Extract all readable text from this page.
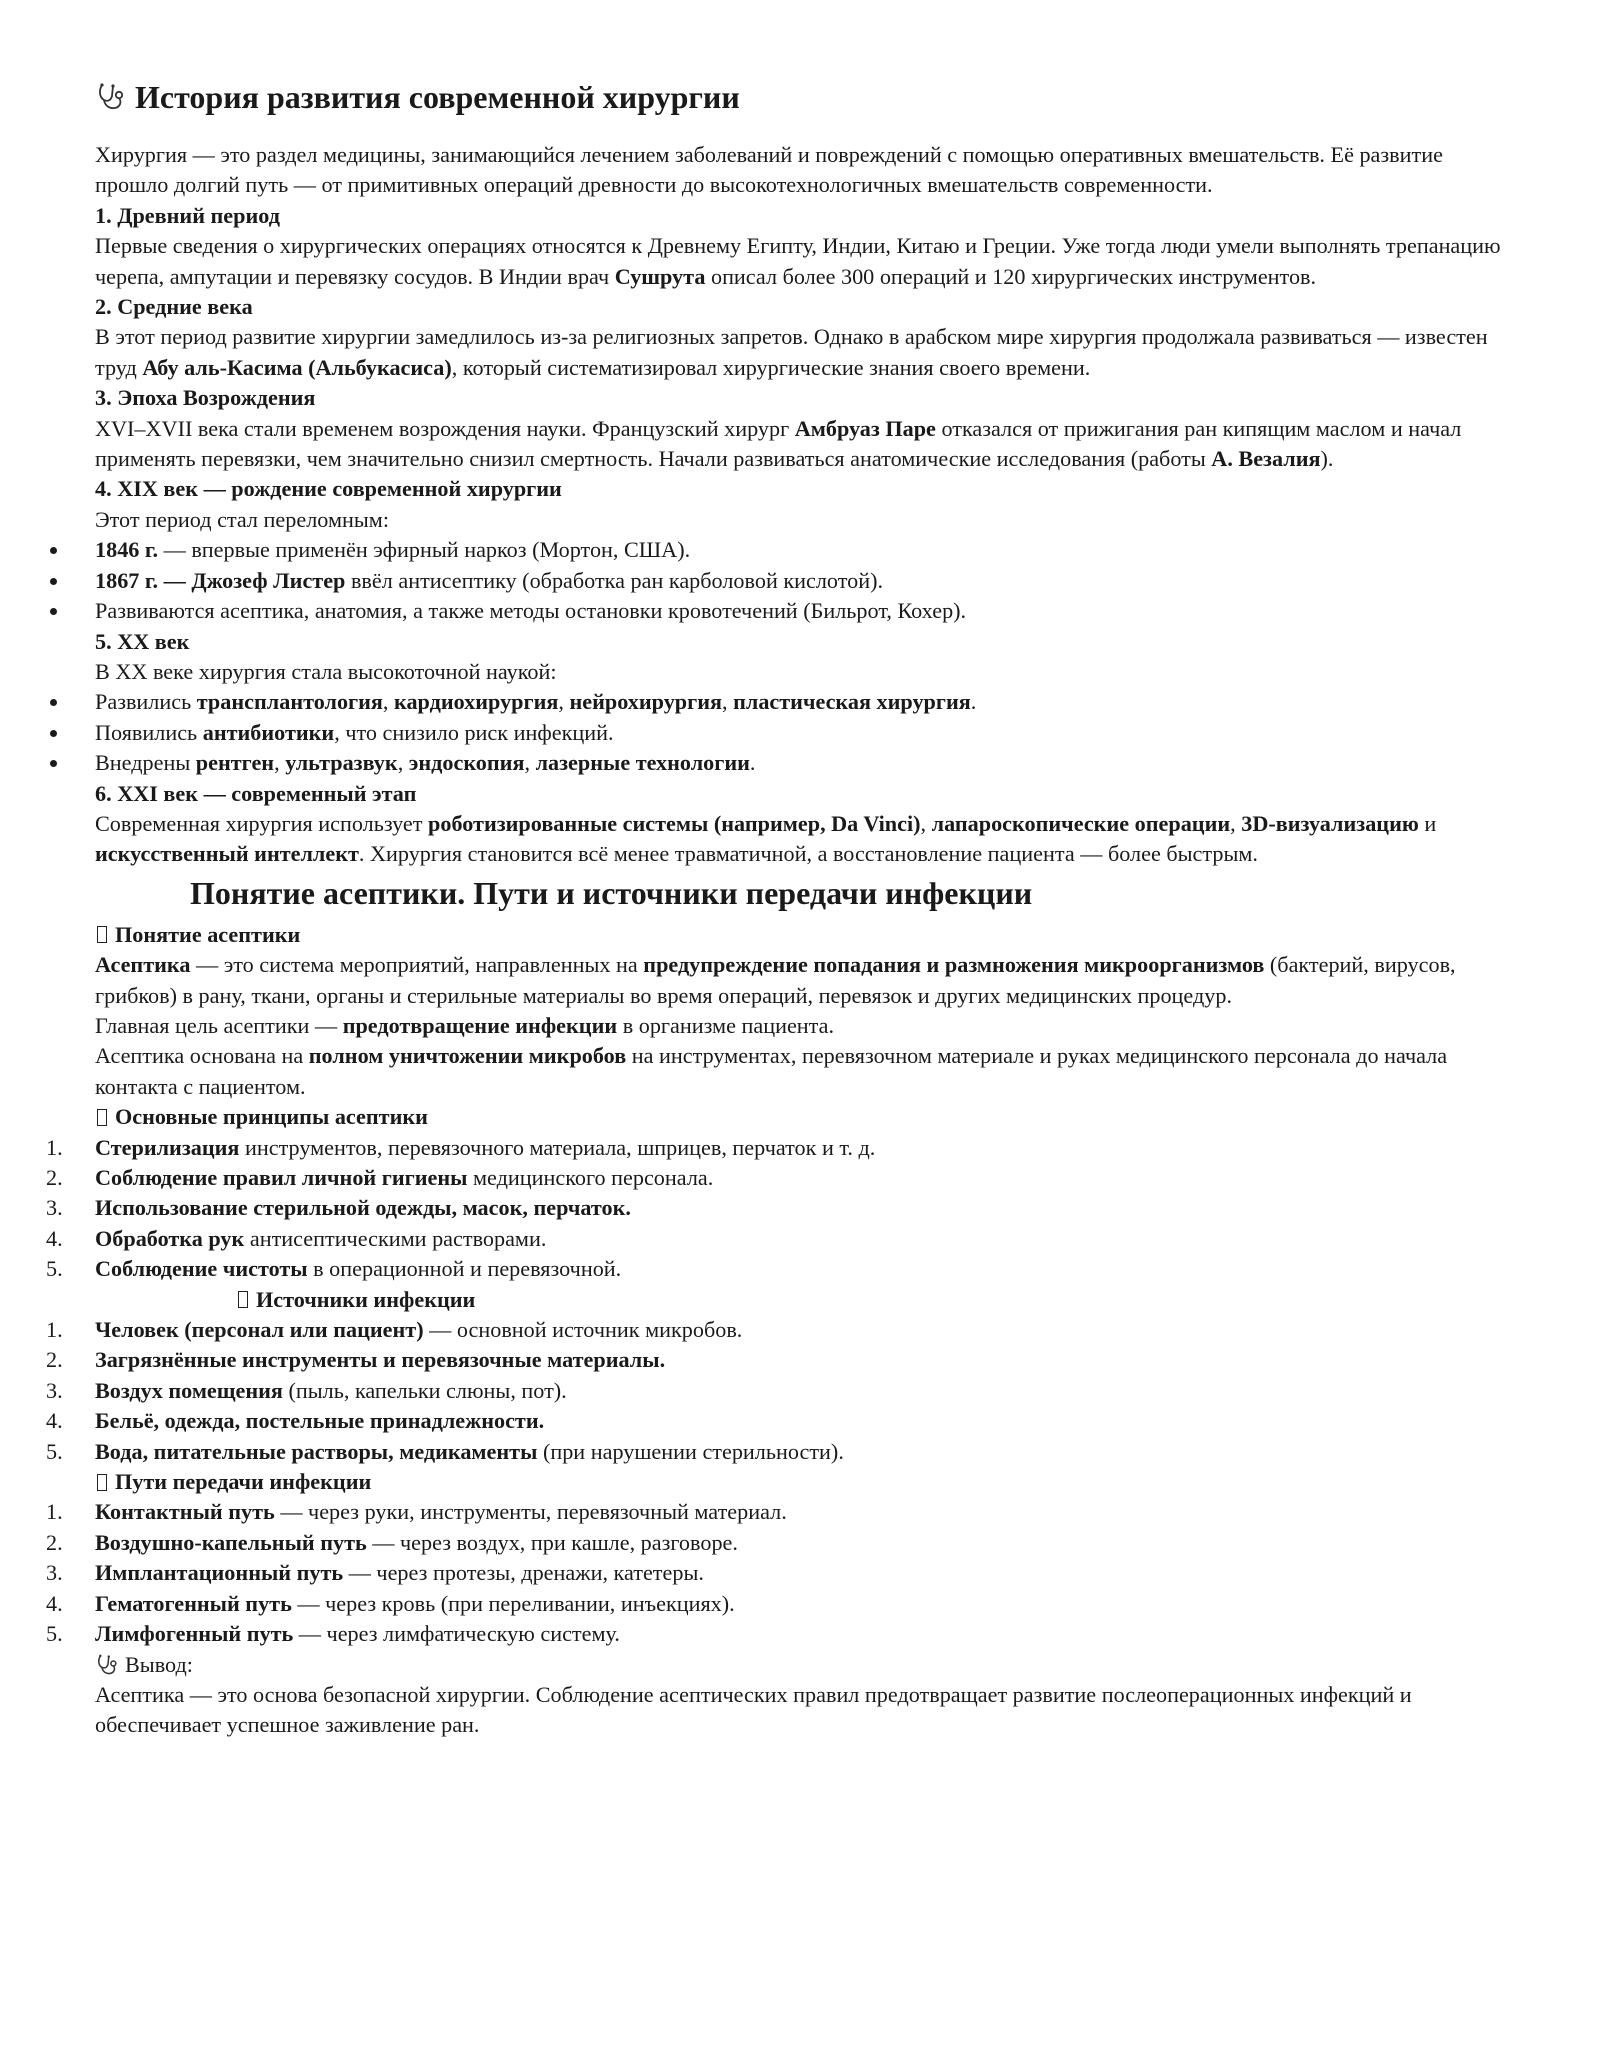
История развития современной хирургии

Хирургия — это раздел медицины, занимающийся лечением заболеваний и повреждений с помощью оперативных вмешательств. Её развитие прошло долгий путь — от примитивных операций древности до высокотехнологичных вмешательств современности.

1. Древний период

Первые сведения о хирургических операциях относятся к Древнему Египту, Индии, Китаю и Греции. Уже тогда люди умели выполнять трепанацию черепа, ампутации и перевязку сосудов. В Индии врач Сушрута описал более 300 операций и 120 хирургических инструментов.

2. Средние века

В этот период развитие хирургии замедлилось из-за религиозных запретов. Однако в арабском мире хирургия продолжала развиваться — известен труд Абу аль-Касима (Альбукасиса), который систематизировал хирургические знания своего времени.

3. Эпоха Возрождения

XVI–XVII века стали временем возрождения науки. Французский хирург Амбруаз Паре отказался от прижигания ран кипящим маслом и начал применять перевязки, чем значительно снизил смертность. Начали развиваться анатомические исследования (работы А. Везалия).

4. XIX век — рождение современной хирургии

Этот период стал переломным:

1846 г. — впервые применён эфирный наркоз (Мортон, США).
1867 г. — Джозеф Листер ввёл антисептику (обработка ран карболовой кислотой).
Развиваются асептика, анатомия, а также методы остановки кровотечений (Бильрот, Кохер).

5. XX век

В XX веке хирургия стала высокоточной наукой:

Развились трансплантология, кардиохирургия, нейрохирургия, пластическая хирургия.
Появились антибиотики, что снизило риск инфекций.
Внедрены рентген, ультразвук, эндоскопия, лазерные технологии.

6. XXI век — современный этап

Современная хирургия использует роботизированные системы (например, Da Vinci), лапароскопические операции, 3D-визуализацию и искусственный интеллект. Хирургия становится всё менее травматичной, а восстановление пациента — более быстрым.

Понятие асептики. Пути и источники передачи инфекции

Понятие асептики

Асептика — это система мероприятий, направленных на предупреждение попадания и размножения микроорганизмов (бактерий, вирусов, грибков) в рану, ткани, органы и стерильные материалы во время операций, перевязок и других медицинских процедур.

Главная цель асептики — предотвращение инфекции в организме пациента.

Асептика основана на полном уничтожении микробов на инструментах, перевязочном материале и руках медицинского персонала до начала контакта с пациентом.

Основные принципы асептики

1. Стерилизация инструментов, перевязочного материала, шприцев, перчаток и т. д.
2. Соблюдение правил личной гигиены медицинского персонала.
3. Использование стерильной одежды, масок, перчаток.
4. Обработка рук антисептическими растворами.
5. Соблюдение чистоты в операционной и перевязочной.

Источники инфекции

1. Человек (персонал или пациент) — основной источник микробов.
2. Загрязнённые инструменты и перевязочные материалы.
3. Воздух помещения (пыль, капельки слюны, пот).
4. Бельё, одежда, постельные принадлежности.
5. Вода, питательные растворы, медикаменты (при нарушении стерильности).

Пути передачи инфекции

1. Контактный путь — через руки, инструменты, перевязочный материал.
2. Воздушно-капельный путь — через воздух, при кашле, разговоре.
3. Имплантационный путь — через протезы, дренажи, катетеры.
4. Гематогенный путь — через кровь (при переливании, инъекциях).
5. Лимфогенный путь — через лимфатическую систему.

Вывод:

Асептика — это основа безопасной хирургии. Соблюдение асептических правил предотвращает развитие послеоперационных инфекций и обеспечивает успешное заживление ран.
